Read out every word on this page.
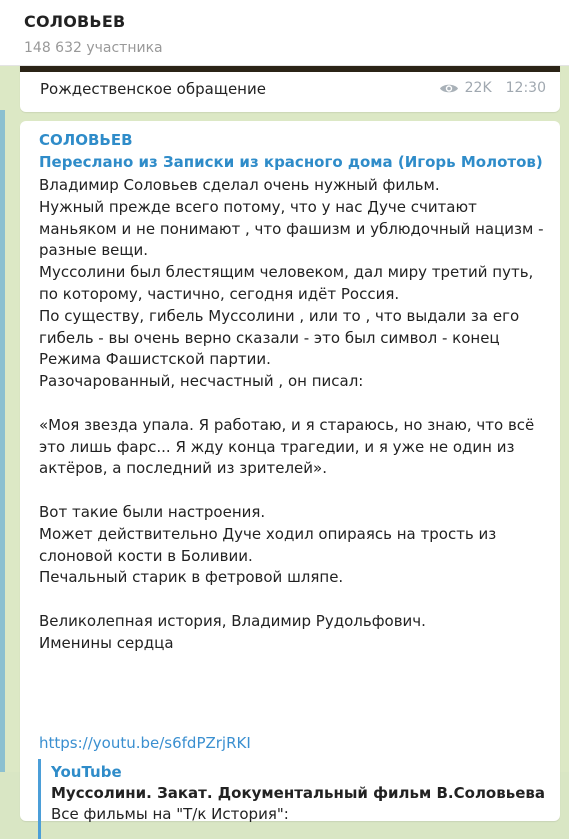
СОЛОВЬЕВ
148 632 участника
Рождественское обращение	22K 12:30
СОЛОВЬЕВ
Переслано из Записки из красного дома (Игорь Молотов)
Владимир Соловьев сделал очень нужный фильм.
Нужный прежде всего потому, что у нас Дуче считают
маньяком и не понимают , что фашизм и ублюдочный нацизм -
разные вещи.
Муссолини был блестящим человеком, дал миру третий путь,
по которому, частично, сегодня идёт Россия.
По существу, гибель Муссолини , или то , что выдали за его
гибель - вы очень верно сказали - это был символ - конец
Режима Фашистской партии.
Разочарованный, несчастный , он писал:
«Моя звезда упала. Я работаю, и я стараюсь, но знаю, что всё
это лишь фарс... Я жду конца трагедии, и я уже не один из
актёров, а последний из зрителей».
Вот такие были настроения.
Может действительно Дуче ходил опираясь на трость из
слоновой кости в Боливии.
Печальный старик в фетровой шляпе.
Великолепная история, Владимир Рудольфович.
Именины сердца
https://youtu.be/s6fdPZrjRKI
YouTube
Муссолини. Закат. Документальный фильм В.Соловьева
Все фильмы на "Т/к История":
